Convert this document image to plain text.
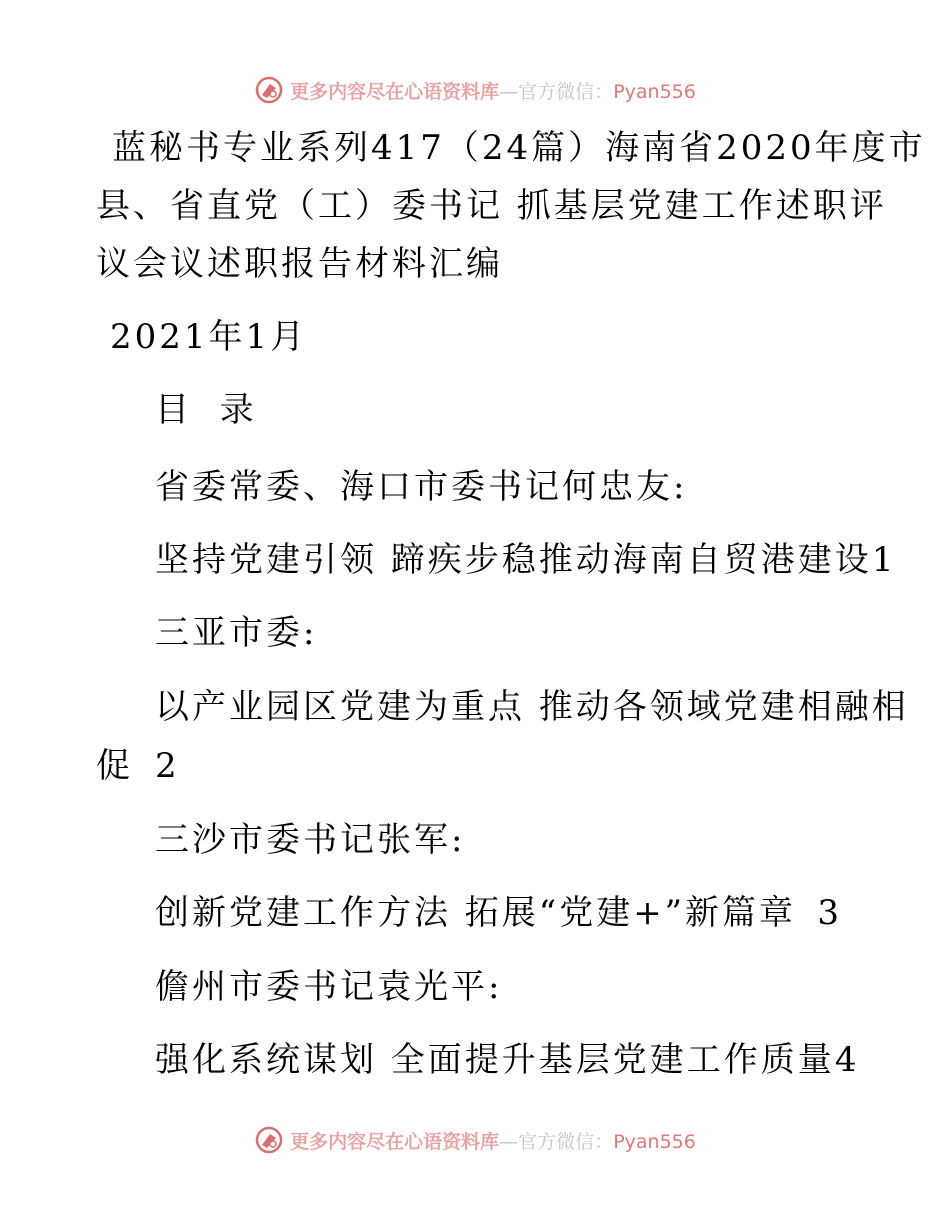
更多内容尽在心语资料库—官方微信：Pyan556
蓝秘书专业系列417（24篇）海南省2020年度市
县、省直党（工）委书记 抓基层党建工作述职评
议会议述职报告材料汇编
2021年1月
目  录
省委常委、海口市委书记何忠友:
坚持党建引领 蹄疾步稳推动海南自贸港建设 1
三亚市委:
以产业园区党建为重点 推动各领域党建相融相
促 2
三沙市委书记张军:
创新党建工作方法 拓展“党建+”新篇章 3
儋州市委书记袁光平:
强化系统谋划 全面提升基层党建工作质量 4
更多内容尽在心语资料库—官方微信：Pyan556
